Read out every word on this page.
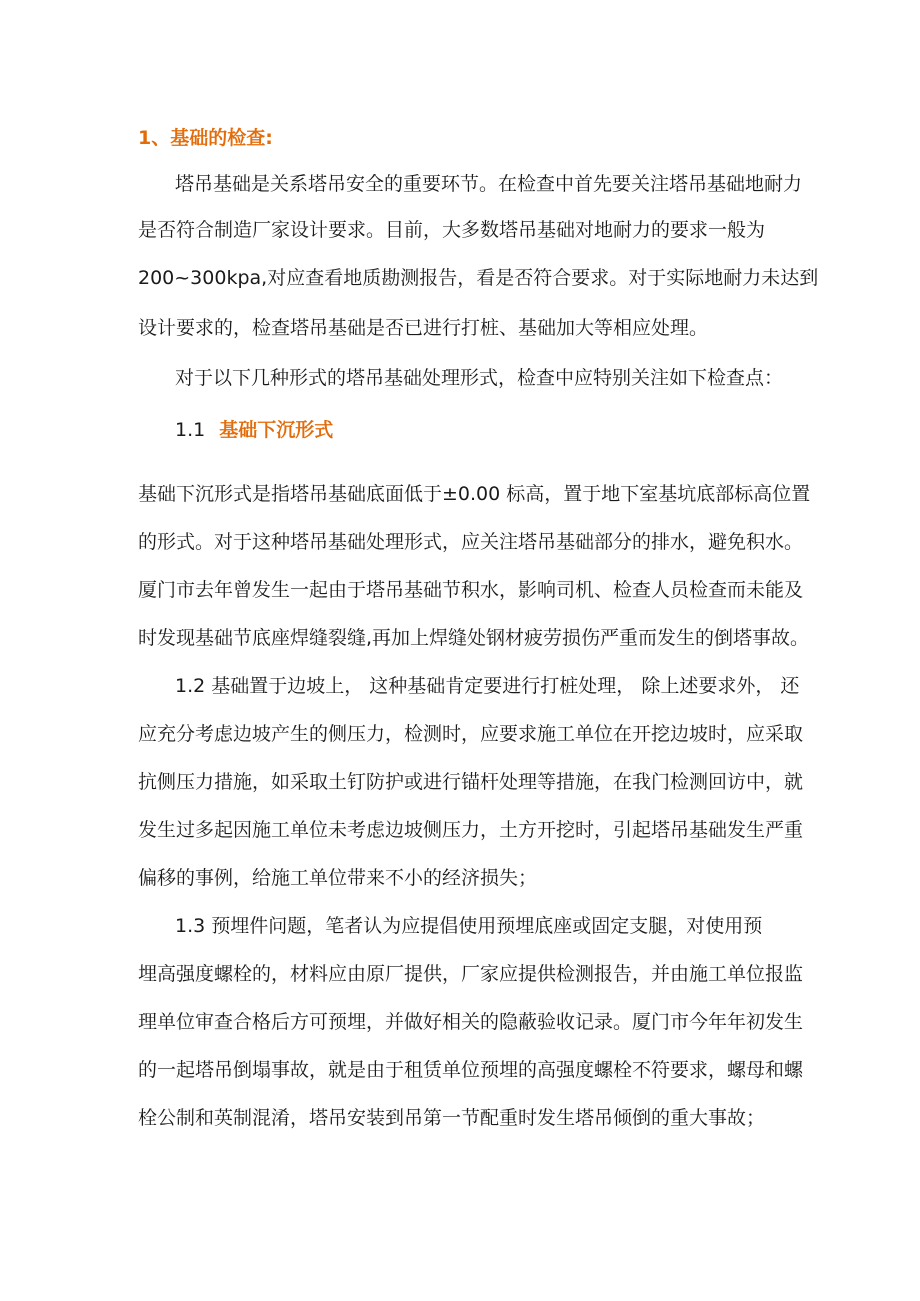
1、基础的检查:
塔吊基础是关系塔吊安全的重要环节。在检查中首先要关注塔吊基础地耐力
是否符合制造厂家设计要求。目前，大多数塔吊基础对地耐力的要求一般为
200~300kpa,对应查看地质勘测报告，看是否符合要求。对于实际地耐力未达到
设计要求的，检查塔吊基础是否已进行打桩、基础加大等相应处理。
对于以下几种形式的塔吊基础处理形式，检查中应特别关注如下检查点：
1.1 基础下沉形式
基础下沉形式是指塔吊基础底面低于±0.00 标高，置于地下室基坑底部标高位置
的形式。对于这种塔吊基础处理形式，应关注塔吊基础部分的排水，避免积水。
厦门市去年曾发生一起由于塔吊基础节积水，影响司机、检查人员检查而未能及
时发现基础节底座焊缝裂缝,再加上焊缝处钢材疲劳损伤严重而发生的倒塔事故。
1.2 基础置于边坡上， 这种基础肯定要进行打桩处理， 除上述要求外， 还
应充分考虑边坡产生的侧压力，检测时，应要求施工单位在开挖边坡时，应采取
抗侧压力措施，如采取土钉防护或进行锚杆处理等措施，在我门检测回访中，就
发生过多起因施工单位未考虑边坡侧压力，土方开挖时，引起塔吊基础发生严重
偏移的事例，给施工单位带来不小的经济损失；
1.3 预埋件问题，笔者认为应提倡使用预埋底座或固定支腿，对使用预
埋高强度螺栓的，材料应由原厂提供，厂家应提供检测报告，并由施工单位报监
理单位审查合格后方可预埋，并做好相关的隐蔽验收记录。厦门市今年年初发生
的一起塔吊倒塌事故，就是由于租赁单位预埋的高强度螺栓不符要求，螺母和螺
栓公制和英制混淆，塔吊安装到吊第一节配重时发生塔吊倾倒的重大事故；
